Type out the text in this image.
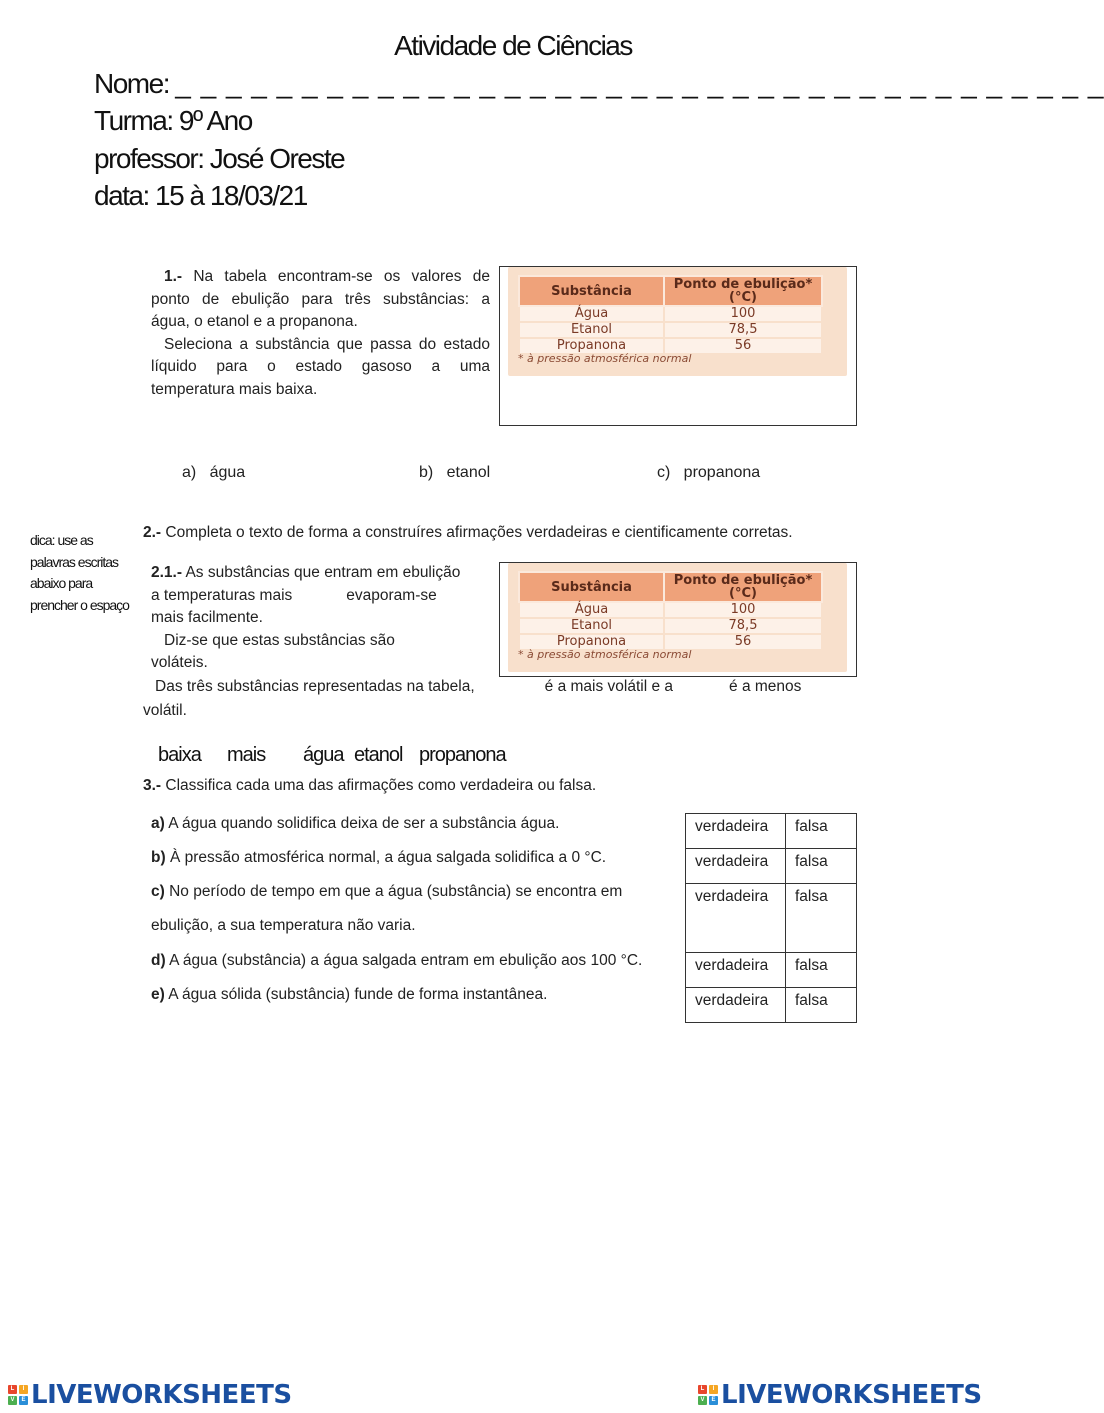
Atividade de Ciências
Nome: _ _ _ _ _ _ _ _ _ _ _ _ _ _ _ _ _ _ _ _ _ _ _ _ _ _ _ _ _ _ _ _ _ _ _ _ _
Turma: 9º Ano
professor: José Oreste
data: 15 à 18/03/21
1.- Na tabela encontram-se os valores de
ponto de ebulição para três substâncias: a
água, o etanol e a propanona.
Seleciona a substância que passa do estado
líquido para o estado gasoso a uma
temperatura mais baixa.
Substância	Ponto de ebulição* (°C)
Água	100
Etanol	78,5
Propanona	56
* à pressão atmosférica normal
a) água	b) etanol	c) propanona
dica: use as palavras escritas abaixo para prencher o espaço
2.- Completa o texto de forma a construíres afirmações verdadeiras e cientificamente corretas.
Substância	Ponto de ebulição* (°C)
Água	100
Etanol	78,5
Propanona	56
* à pressão atmosférica normal
2.1.- As substâncias que entram em ebulição
a temperaturas mais	evaporam-se
mais facilmente.
Diz-se que estas substâncias são
voláteis.
Das três substâncias representadas na tabela,	é a mais volátil e a	é a menos
volátil.
baixa mais água etanol propanona
3.- Classifica cada uma das afirmações como verdadeira ou falsa.
a) A água quando solidifica deixa de ser a substância água.
b) À pressão atmosférica normal, a água salgada solidifica a 0 °C.
c) No período de tempo em que a água (substância) se encontra em
ebulição, a sua temperatura não varia.
d) A água (substância) a água salgada entram em ebulição aos 100 °C.
e) A água sólida (substância) funde de forma instantânea.
verdadeira	falsa
verdadeira	falsa
verdadeira	falsa
verdadeira	falsa
verdadeira	falsa
L	I
V	E LIVEWORKSHEETS	L	I
V	E LIVEWORKSHEETS
